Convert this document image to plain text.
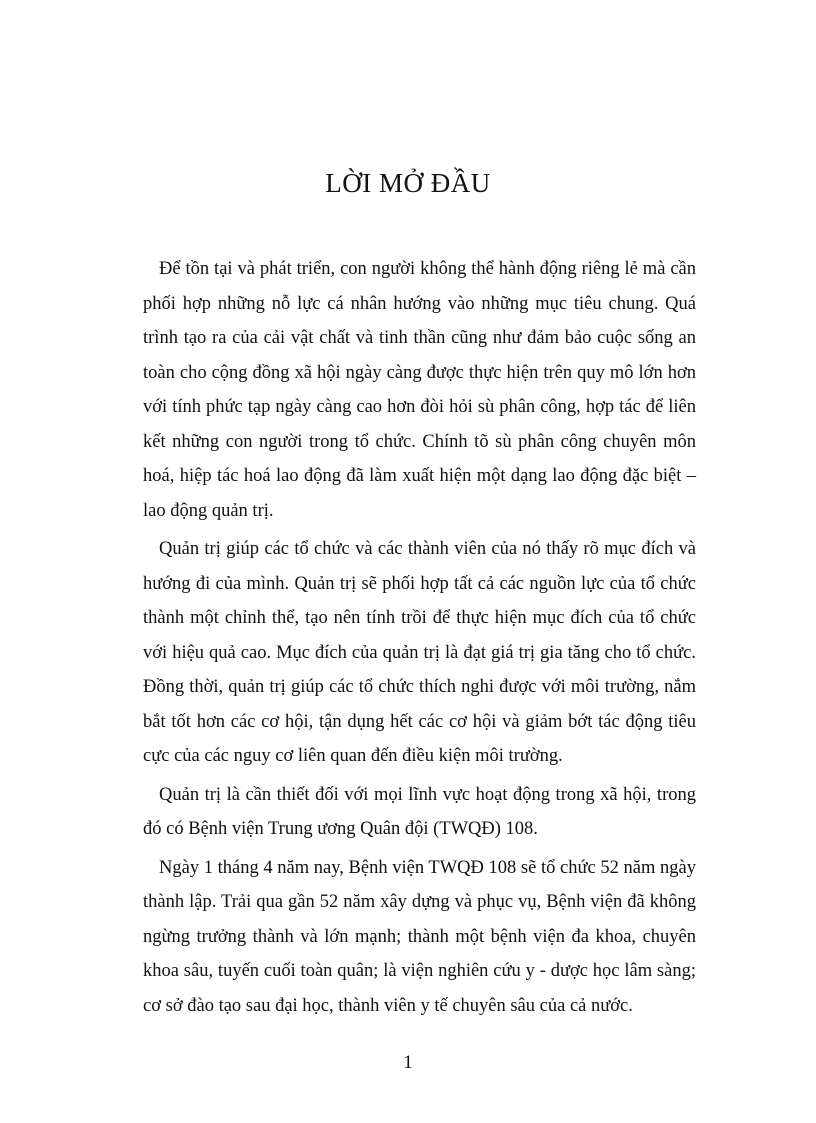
LỜI MỞ ĐẦU

Để tồn tại và phát triển, con người không thể hành động riêng lẻ mà cần phối hợp những nỗ lực cá nhân hướng vào những mục tiêu chung. Quá trình tạo ra của cải vật chất và tinh thần cũng như đảm bảo cuộc sống an toàn cho cộng đồng xã hội ngày càng được thực hiện trên quy mô lớn hơn với tính phức tạp ngày càng cao hơn đòi hỏi sù phân công, hợp tác để liên kết những con người trong tổ chức. Chính tõ sù phân công chuyên môn hoá, hiệp tác hoá lao động đã làm xuất hiện một dạng lao động đặc biệt – lao động quản trị.

Quản trị giúp các tổ chức và các thành viên của nó thấy rõ mục đích và hướng đi của mình. Quản trị sẽ phối hợp tất cả các nguồn lực của tổ chức thành một chỉnh thể, tạo nên tính trồi để thực hiện mục đích của tổ chức với hiệu quả cao. Mục đích của quản trị là đạt giá trị gia tăng cho tổ chức. Đồng thời, quản trị giúp các tổ chức thích nghi được với môi trường, nắm bắt tốt hơn các cơ hội, tận dụng hết các cơ hội và giảm bớt tác động tiêu cực của các nguy cơ liên quan đến điều kiện môi trường.

Quản trị là cần thiết đối với mọi lĩnh vực hoạt động trong xã hội, trong đó có Bệnh viện Trung ương Quân đội (TWQĐ) 108.

Ngày 1 tháng 4 năm nay, Bệnh viện TWQĐ 108 sẽ tổ chức 52 năm ngày thành lập. Trải qua gần 52 năm xây dựng và phục vụ, Bệnh viện đã không ngừng trưởng thành và lớn mạnh; thành một bệnh viện đa khoa, chuyên khoa sâu, tuyến cuối toàn quân; là viện nghiên cứu y - dược học lâm sàng; cơ sở đào tạo sau đại học, thành viên y tế chuyên sâu của cả nước.

1
